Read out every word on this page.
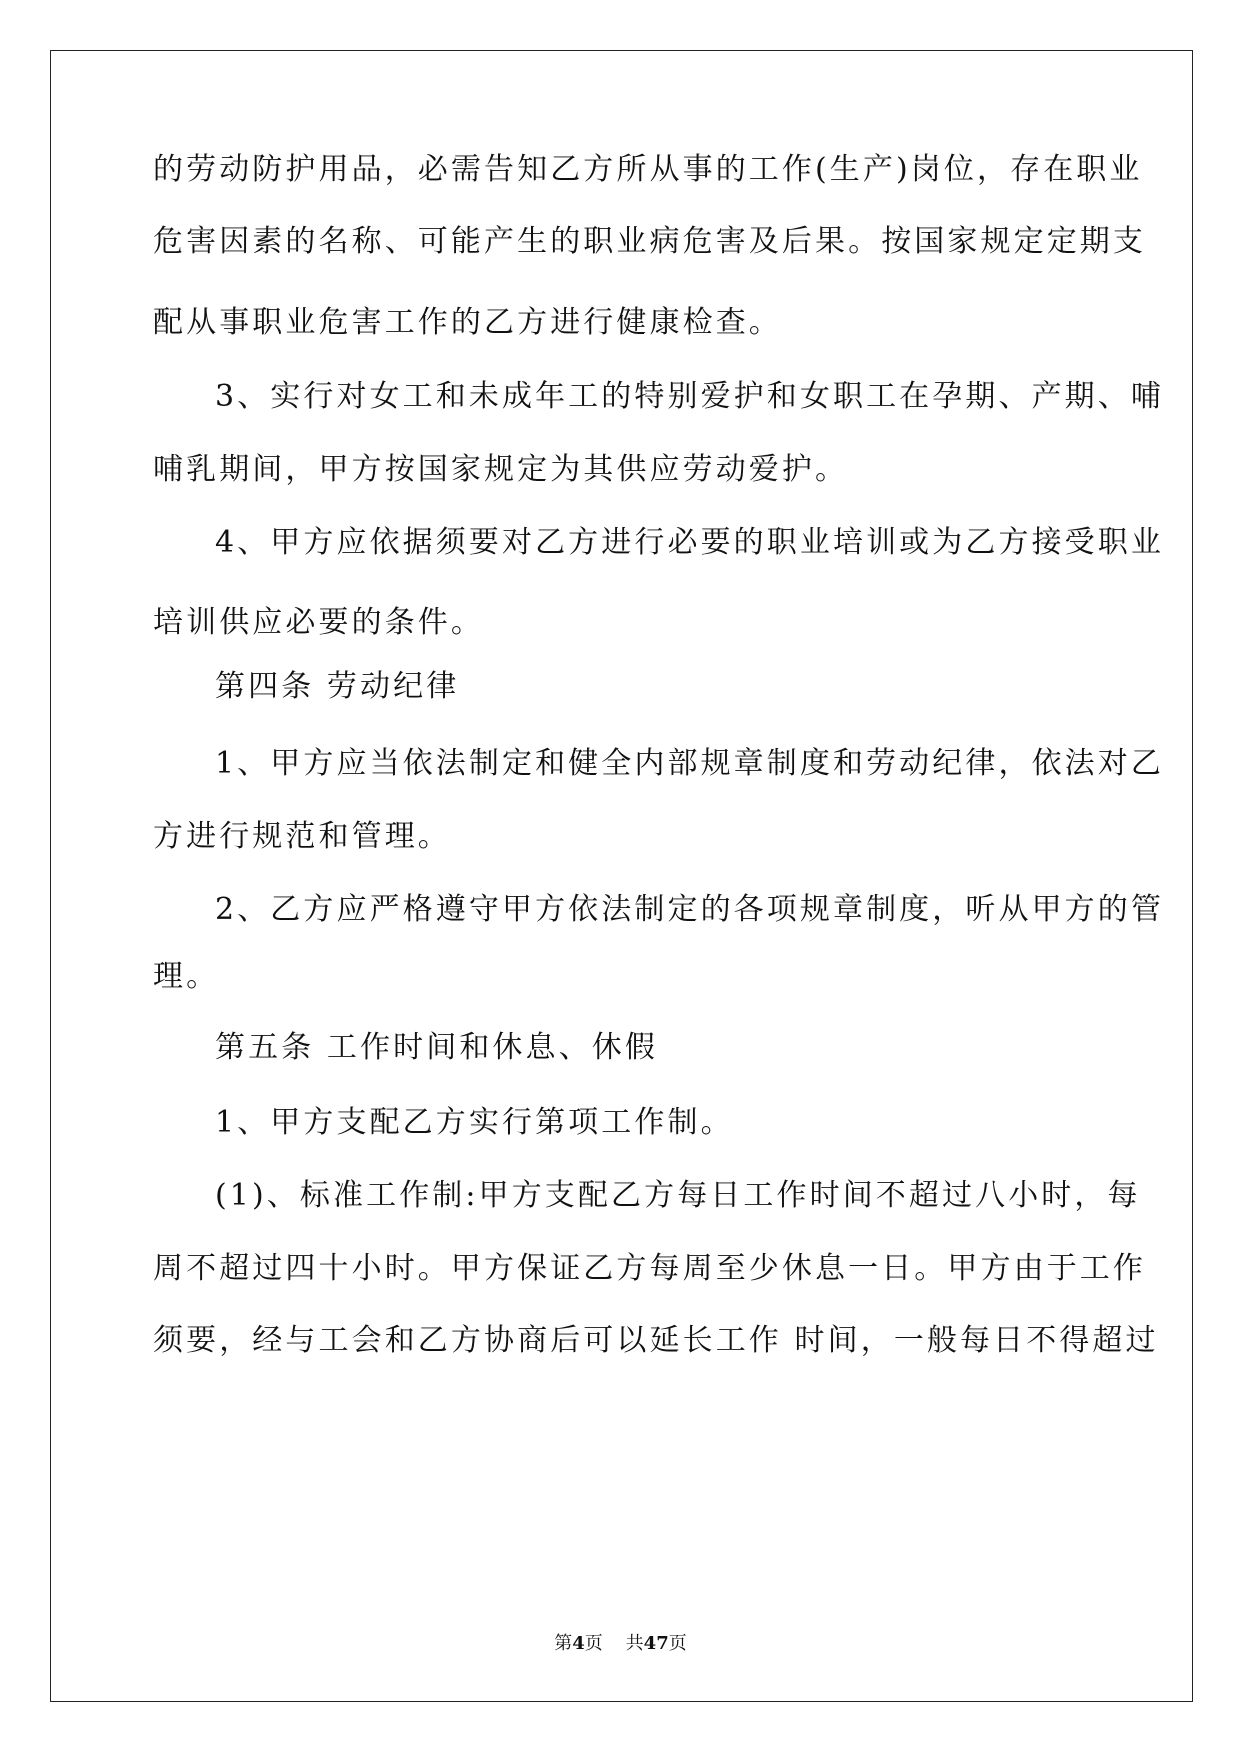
的劳动防护用品，必需告知乙方所从事的工作(生产)岗位，存在职业
危害因素的名称、可能产生的职业病危害及后果。按国家规定定期支
配从事职业危害工作的乙方进行健康检查。
3、实行对女工和未成年工的特别爱护和女职工在孕期、产期、哺
哺乳期间，甲方按国家规定为其供应劳动爱护。
4、甲方应依据须要对乙方进行必要的职业培训或为乙方接受职业
培训供应必要的条件。
第四条 劳动纪律
1、甲方应当依法制定和健全内部规章制度和劳动纪律，依法对乙
方进行规范和管理。
2、乙方应严格遵守甲方依法制定的各项规章制度，听从甲方的管
理。
第五条 工作时间和休息、休假
1、甲方支配乙方实行第项工作制。
(1)、标准工作制:甲方支配乙方每日工作时间不超过八小时，每
周不超过四十小时。甲方保证乙方每周至少休息一日。甲方由于工作
须要，经与工会和乙方协商后可以延长工作 时间，一般每日不得超过
第4页 共47页
